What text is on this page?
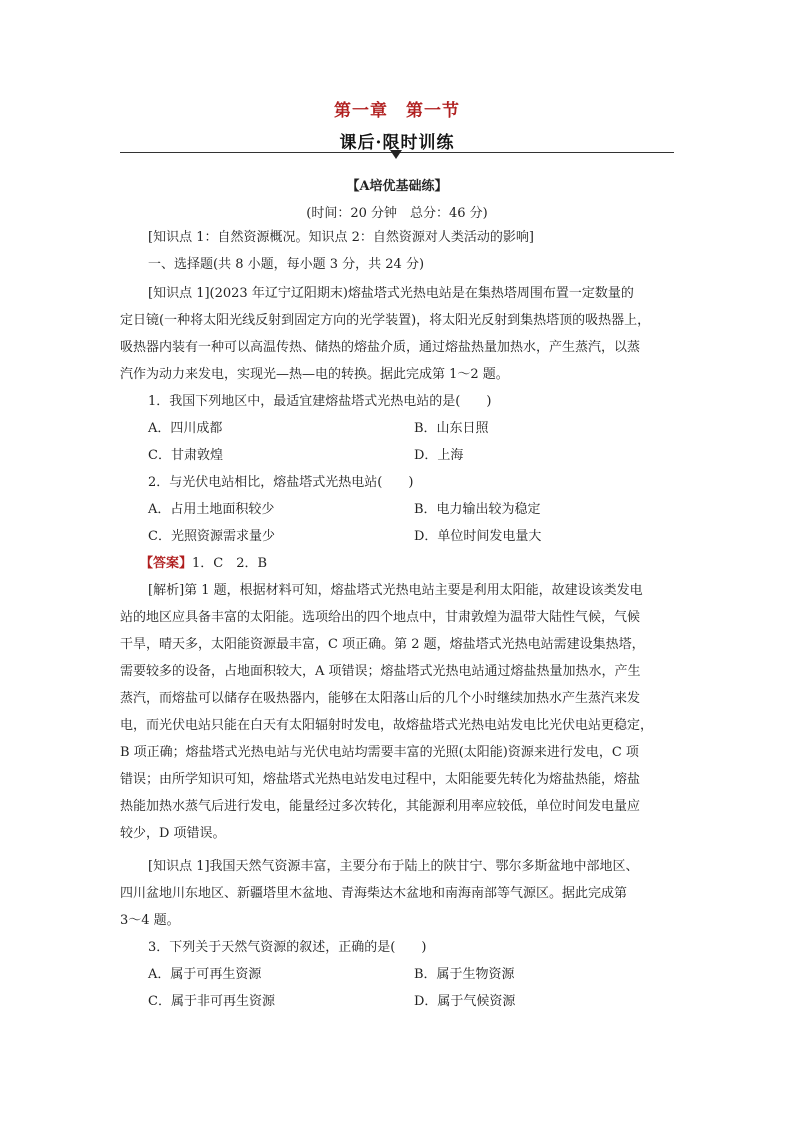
第一章　第一节
课后·限时训练
【A培优基础练】
(时间：20 分钟　总分：46 分)
[知识点 1：自然资源概况。知识点 2：自然资源对人类活动的影响]
一、选择题(共 8 小题，每小题 3 分，共 24 分)
[知识点 1](2023 年辽宁辽阳期末)熔盐塔式光热电站是在集热塔周围布置一定数量的
定日镜(一种将太阳光线反射到固定方向的光学装置)，将太阳光反射到集热塔顶的吸热器上，
吸热器内装有一种可以高温传热、储热的熔盐介质，通过熔盐热量加热水，产生蒸汽，以蒸
汽作为动力来发电，实现光—热—电的转换。据此完成第 1～2 题。
1．我国下列地区中，最适宜建熔盐塔式光热电站的是(　　)
A．四川成都	B．山东日照
C．甘肃敦煌	D．上海
2．与光伏电站相比，熔盐塔式光热电站(　　)
A．占用土地面积较少	B．电力输出较为稳定
C．光照资源需求量少	D．单位时间发电量大
【答案】1．C　2．B
[解析]第 1 题，根据材料可知，熔盐塔式光热电站主要是利用太阳能，故建设该类发电
站的地区应具备丰富的太阳能。选项给出的四个地点中，甘肃敦煌为温带大陆性气候，气候
干旱，晴天多，太阳能资源最丰富，C 项正确。第 2 题，熔盐塔式光热电站需建设集热塔，
需要较多的设备，占地面积较大，A 项错误；熔盐塔式光热电站通过熔盐热量加热水，产生
蒸汽，而熔盐可以储存在吸热器内，能够在太阳落山后的几个小时继续加热水产生蒸汽来发
电，而光伏电站只能在白天有太阳辐射时发电，故熔盐塔式光热电站发电比光伏电站更稳定，
B 项正确；熔盐塔式光热电站与光伏电站均需要丰富的光照(太阳能)资源来进行发电，C 项
错误；由所学知识可知，熔盐塔式光热电站发电过程中，太阳能要先转化为熔盐热能，熔盐
热能加热水蒸气后进行发电，能量经过多次转化，其能源利用率应较低，单位时间发电量应
较少，D 项错误。
[知识点 1]我国天然气资源丰富，主要分布于陆上的陕甘宁、鄂尔多斯盆地中部地区、
四川盆地川东地区、新疆塔里木盆地、青海柴达木盆地和南海南部等气源区。据此完成第
3～4 题。
3．下列关于天然气资源的叙述，正确的是(　　)
A．属于可再生资源	B．属于生物资源
C．属于非可再生资源	D．属于气候资源
